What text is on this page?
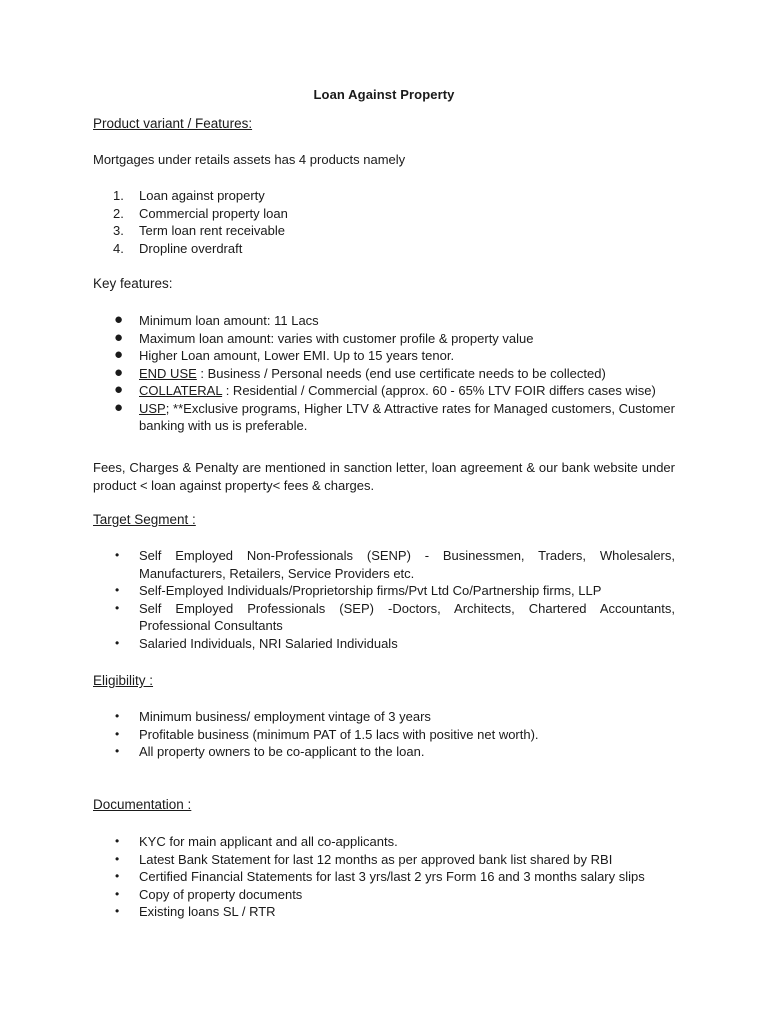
Loan Against Property
Product variant / Features:
Mortgages under retails assets has 4 products namely
1. Loan against property
2. Commercial property loan
3. Term loan rent receivable
4. Dropline overdraft
Key features:
● Minimum loan amount: 11 Lacs
● Maximum loan amount: varies with customer profile & property value
● Higher Loan amount, Lower EMI. Up to 15 years tenor.
● END USE : Business / Personal needs (end use certificate needs to be collected)
● COLLATERAL : Residential / Commercial (approx. 60 - 65% LTV FOIR differs cases wise)
● USP; **Exclusive programs, Higher LTV & Attractive rates for Managed customers, Customer banking with us is preferable.
Fees, Charges & Penalty are mentioned in sanction letter, loan agreement & our bank website under product < loan against property< fees & charges.
Target Segment :
• Self Employed Non-Professionals (SENP) - Businessmen, Traders, Wholesalers, Manufacturers, Retailers, Service Providers etc.
• Self-Employed Individuals/Proprietorship firms/Pvt Ltd Co/Partnership firms, LLP
• Self Employed Professionals (SEP) -Doctors, Architects, Chartered Accountants, Professional Consultants
• Salaried Individuals, NRI Salaried Individuals
Eligibility :
• Minimum business/ employment vintage of 3 years
• Profitable business (minimum PAT of 1.5 lacs with positive net worth).
• All property owners to be co-applicant to the loan.
Documentation :
• KYC for main applicant and all co-applicants.
• Latest Bank Statement for last 12 months as per approved bank list shared by RBI
• Certified Financial Statements for last 3 yrs/last 2 yrs Form 16 and 3 months salary slips
• Copy of property documents
• Existing loans SL / RTR
